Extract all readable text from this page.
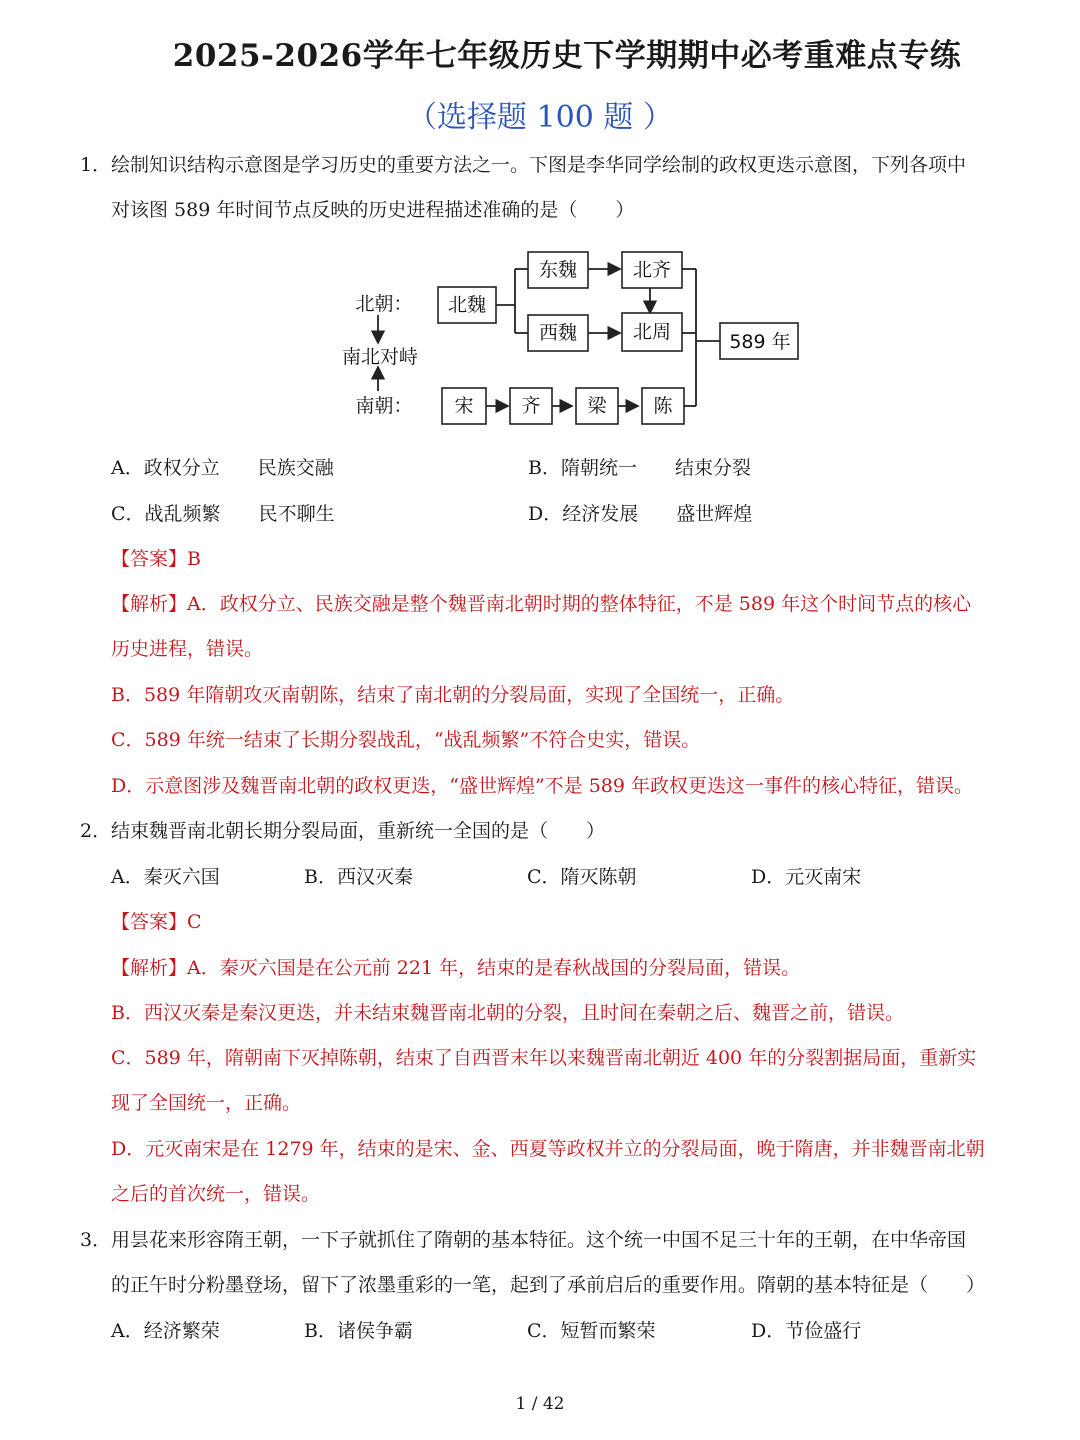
2025-2026学年七年级历史下学期期中必考重难点专练
（选择题 100 题 ）
1． 绘制知识结构示意图是学习历史的重要方法之一。下图是李华同学绘制的政权更迭示意图，下列各项中
对该图 589 年时间节点反映的历史进程描述准确的是（　　）
北朝：
南北对峙
南朝：
北魏
东魏
西魏
北齐
北周	589 年
宋	齐 梁 陈
A．政权分立 民族交融	B．隋朝统一 结束分裂
C．战乱频繁 民不聊生	D．经济发展 盛世辉煌
【答案】B
【解析】A．政权分立、民族交融是整个魏晋南北朝时期的整体特征，不是 589 年这个时间节点的核心
历史进程，错误。
B．589 年隋朝攻灭南朝陈，结束了南北朝的分裂局面，实现了全国统一，正确。
C．589 年统一结束了长期分裂战乱，“战乱频繁”不符合史实，错误。
D．示意图涉及魏晋南北朝的政权更迭，“盛世辉煌”不是 589 年政权更迭这一事件的核心特征，错误。
2． 结束魏晋南北朝长期分裂局面，重新统一全国的是（　　）
A．秦灭六国	B．西汉灭秦	C．隋灭陈朝	D．元灭南宋
【答案】C
【解析】A．秦灭六国是在公元前 221 年，结束的是春秋战国的分裂局面，错误。
B．西汉灭秦是秦汉更迭，并未结束魏晋南北朝的分裂，且时间在秦朝之后、魏晋之前，错误。
C．589 年，隋朝南下灭掉陈朝，结束了自西晋末年以来魏晋南北朝近 400 年的分裂割据局面，重新实
现了全国统一，正确。
D．元灭南宋是在 1279 年，结束的是宋、金、西夏等政权并立的分裂局面，晚于隋唐，并非魏晋南北朝
之后的首次统一，错误。
3． 用昙花来形容隋王朝，一下子就抓住了隋朝的基本特征。这个统一中国不足三十年的王朝，在中华帝国
的正午时分粉墨登场，留下了浓墨重彩的一笔，起到了承前启后的重要作用。隋朝的基本特征是（　　）
A．经济繁荣	B．诸侯争霸	C．短暂而繁荣	D．节俭盛行
1 / 42
